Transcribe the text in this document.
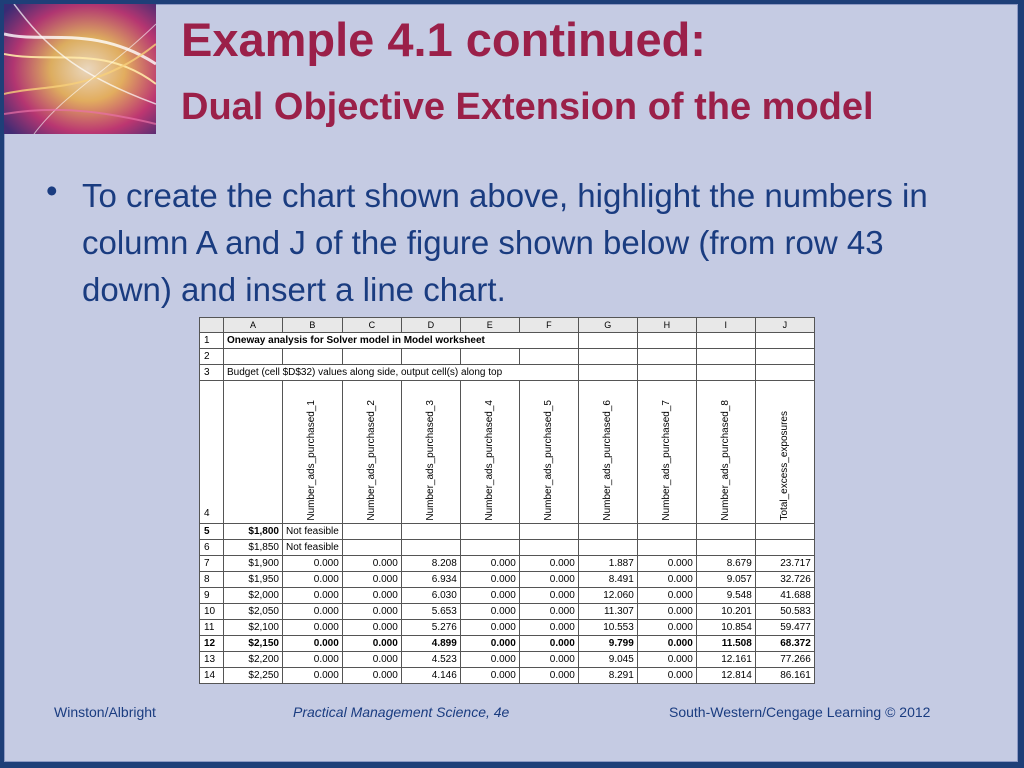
Example 4.1 continued:
Dual Objective Extension of the model
• To create the chart shown above, highlight the numbers in column A and J of the figure shown below (from row 43 down) and insert a line chart.
	A	B	C	D	E	F	G	H	I	J
1	Oneway analysis for Solver model in Model worksheet									
2										
3	Budget (cell $D$32) values along side, output cell(s) along top									
4		Number_ads_purchased_1	Number_ads_purchased_2	Number_ads_purchased_3	Number_ads_purchased_4	Number_ads_purchased_5	Number_ads_purchased_6	Number_ads_purchased_7	Number_ads_purchased_8	Total_excess_exposures

5	$1,800	Not feasible								
6	$1,850	Not feasible								
7	$1,900	0.000	0.000	8.208	0.000	0.000	1.887	0.000	8.679	23.717
8	$1,950	0.000	0.000	6.934	0.000	0.000	8.491	0.000	9.057	32.726
9	$2,000	0.000	0.000	6.030	0.000	0.000	12.060	0.000	9.548	41.688
10	$2,050	0.000	0.000	5.653	0.000	0.000	11.307	0.000	10.201	50.583
11	$2,100	0.000	0.000	5.276	0.000	0.000	10.553	0.000	10.854	59.477
12	$2,150	0.000	0.000	4.899	0.000	0.000	9.799	0.000	11.508	68.372
13	$2,200	0.000	0.000	4.523	0.000	0.000	9.045	0.000	12.161	77.266
14	$2,250	0.000	0.000	4.146	0.000	0.000	8.291	0.000	12.814	86.161
Winston/Albright	Practical Management Science, 4e	South-Western/Cengage Learning © 2012
